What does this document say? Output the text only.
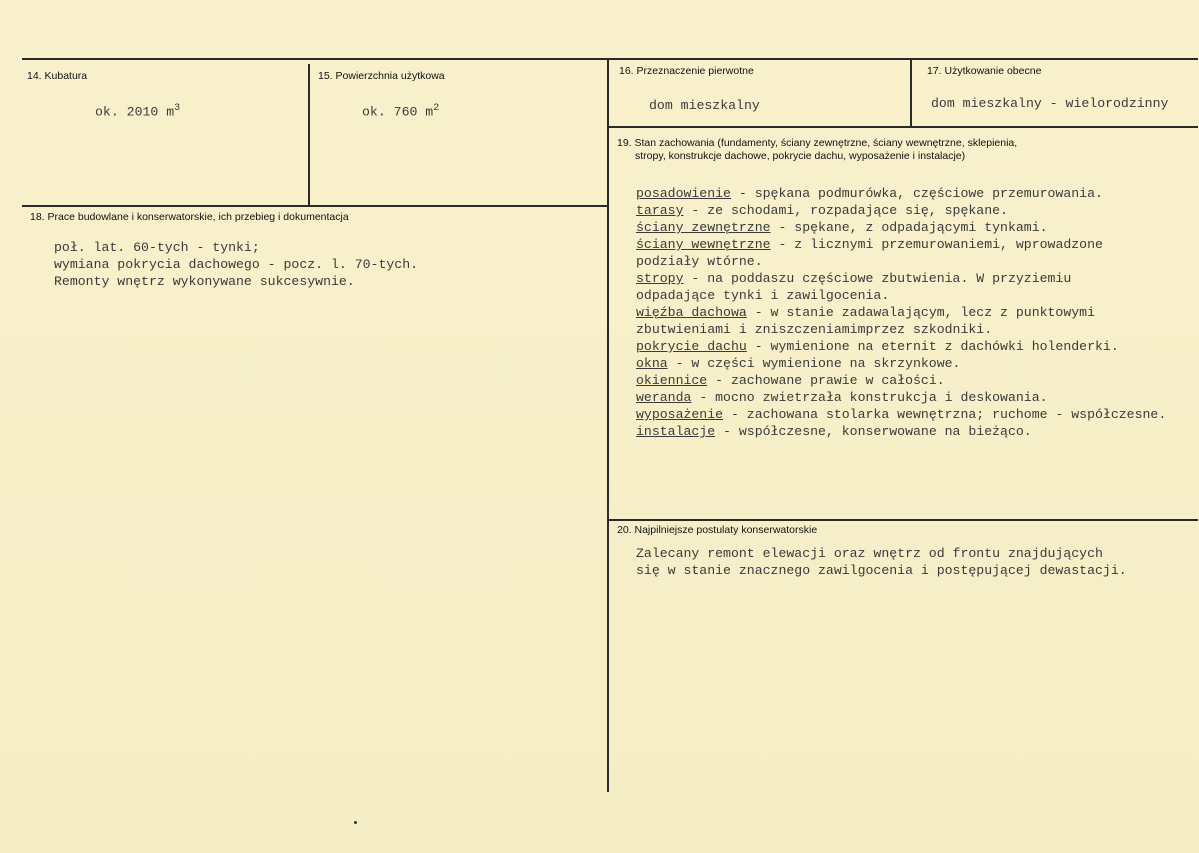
14. Kubatura
ok. 2010 $m^3$
15. Powierzchnia użytkowa
ok. 760 $m^2$
16. Przeznaczenie pierwotne
dom mieszkalny
17. Użytkowanie obecne
dom mieszkalny - wielorodzinny
18. Prace budowlane i konserwatorskie, ich przebieg i dokumentacja
poł. lat. 60-tych - tynki;
wymiana pokrycia dachowego - pocz. l. 70-tych.
Remonty wnętrz wykonywane sukcesywnie.
19. Stan zachowania (fundamenty, ściany zewnętrzne, ściany wewnętrzne, sklepienia,
stropy, konstrukcje dachowe, pokrycie dachu, wyposażenie i instalacje)
posadowienie - spękana podmurówka, częściowe przemurowania.
tarasy - ze schodami, rozpadające się, spękane.
ściany zewnętrzne - spękane, z odpadającymi tynkami.
ściany wewnętrzne - z licznymi przemurowaniemi, wprowadzone
podziały wtórne.
stropy - na poddaszu częściowe zbutwienia. W przyziemiu
odpadające tynki i zawilgocenia.
więźba dachowa - w stanie zadawalającym, lecz z punktowymi
zbutwieniami i zniszczeniamimprzez szkodniki.
pokrycie dachu - wymienione na eternit z dachówki holenderki.
okna - w części wymienione na skrzynkowe.
okiennice - zachowane prawie w całości.
weranda - mocno zwietrzała konstrukcja i deskowania.
wyposażenie - zachowana stolarka wewnętrzna; ruchome - współczesne.
instalacje - współczesne, konserwowane na bieżąco.
20. Najpilniejsze postulaty konserwatorskie
Zalecany remont elewacji oraz wnętrz od frontu znajdujących
się w stanie znacznego zawilgocenia i postępującej dewastacji.
